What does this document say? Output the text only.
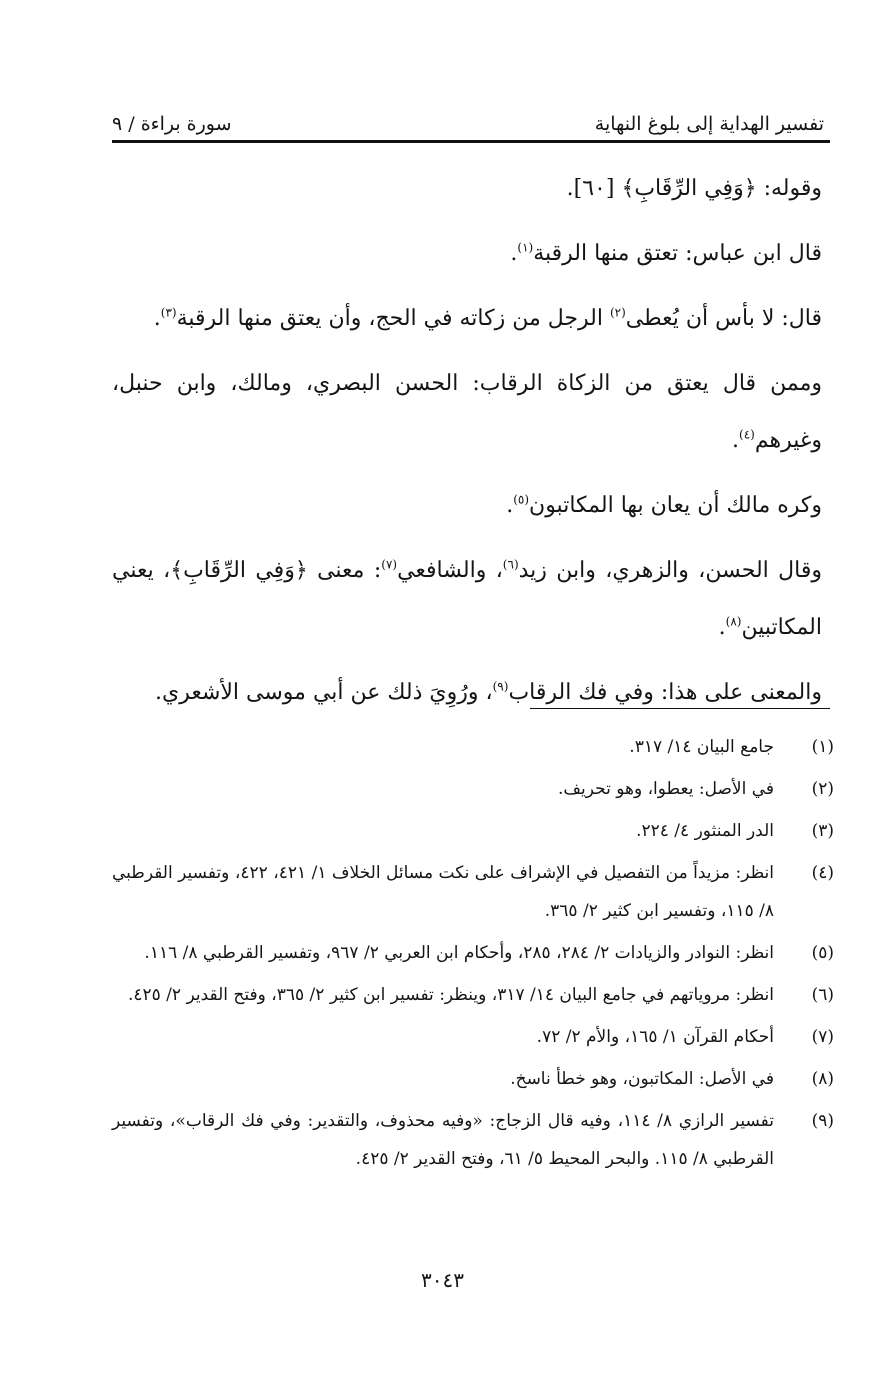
تفسير الهداية إلى بلوغ النهاية
سورة براءة / ٩

وقوله: ﴿وَفِي الرِّقَابِ﴾ [٦٠].

قال ابن عباس: تعتق منها الرقبة$^{(١)}$.

قال: لا بأس أن يُعطى$^{(٢)}$ الرجل من زكاته في الحج، وأن يعتق منها الرقبة$^{(٣)}$.

وممن قال يعتق من الزكاة الرقاب: الحسن البصري، ومالك، وابن حنبل، وغيرهم$^{(٤)}$.

وكره مالك أن يعان بها المكاتبون$^{(٥)}$.

وقال الحسن، والزهري، وابن زيد$^{(٦)}$، والشافعي$^{(٧)}$: معنى ﴿وَفِي الرِّقَابِ﴾، يعني المكاتبين$^{(٨)}$.

والمعنى على هذا: وفي فك الرقاب$^{(٩)}$، ورُوِيَ ذلك عن أبي موسى الأشعري.

(١)
جامع البيان ١٤/ ٣١٧.
(٢)
في الأصل: يعطوا، وهو تحريف.
(٣)
الدر المنثور ٤/ ٢٢٤.
(٤)
انظر: مزيداً من التفصيل في الإشراف على نكت مسائل الخلاف ١/ ٤٢١، ٤٢٢، وتفسير القرطبي ٨/ ١١٥، وتفسير ابن كثير ٢/ ٣٦٥.
(٥)
انظر: النوادر والزيادات ٢/ ٢٨٤، ٢٨٥، وأحكام ابن العربي ٢/ ٩٦٧، وتفسير القرطبي ٨/ ١١٦.
(٦)
انظر: مروياتهم في جامع البيان ١٤/ ٣١٧، وينظر: تفسير ابن كثير ٢/ ٣٦٥، وفتح القدير ٢/ ٤٢٥.
(٧)
أحكام القرآن ١/ ١٦٥، والأم ٢/ ٧٢.
(٨)
في الأصل: المكاتبون، وهو خطأ ناسخ.
(٩)
تفسير الرازي ٨/ ١١٤، وفيه قال الزجاج: «وفيه محذوف، والتقدير: وفي فك الرقاب»، وتفسير القرطبي ٨/ ١١٥. والبحر المحيط ٥/ ٦١، وفتح القدير ٢/ ٤٢٥.
٣٠٤٣
